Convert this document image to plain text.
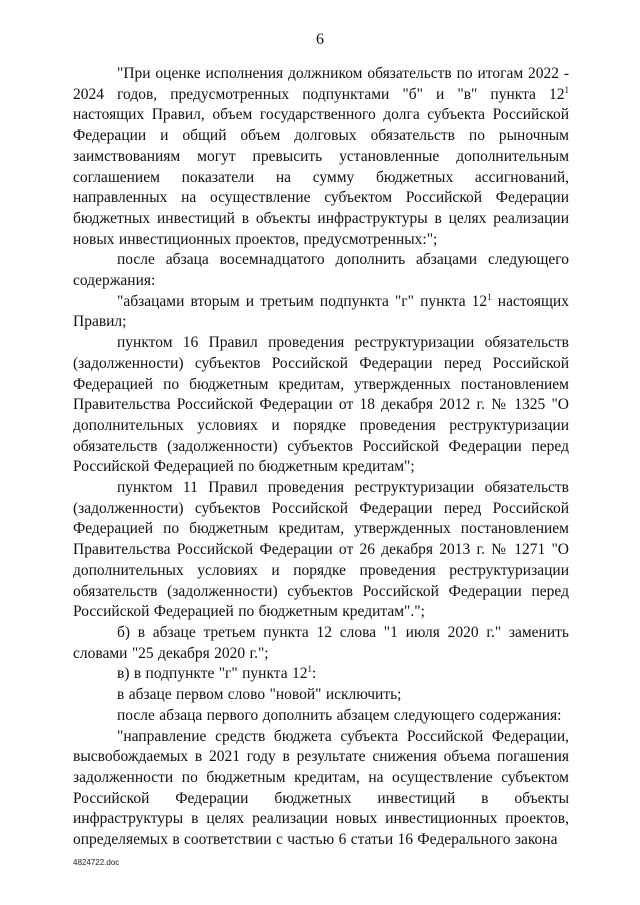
6

"При оценке исполнения должником обязательств по итогам 2022 - 2024 годов, предусмотренных подпунктами "б" и "в" пункта $12^1$ настоящих Правил, объем государственного долга субъекта Российской Федерации и общий объем долговых обязательств по рыночным заимствованиям могут превысить установленные дополнительным соглашением показатели на сумму бюджетных ассигнований, направленных на осуществление субъектом Российской Федерации бюджетных инвестиций в объекты инфраструктуры в целях реализации новых инвестиционных проектов, предусмотренных:";

после абзаца восемнадцатого дополнить абзацами следующего содержания:

"абзацами вторым и третьим подпункта "г" пункта $12^1$ настоящих Правил;

пунктом 16 Правил проведения реструктуризации обязательств (задолженности) субъектов Российской Федерации перед Российской Федерацией по бюджетным кредитам, утвержденных постановлением Правительства Российской Федерации от 18 декабря 2012 г. № 1325 "О дополнительных условиях и порядке проведения реструктуризации обязательств (задолженности) субъектов Российской Федерации перед Российской Федерацией по бюджетным кредитам";

пунктом 11 Правил проведения реструктуризации обязательств (задолженности) субъектов Российской Федерации перед Российской Федерацией по бюджетным кредитам, утвержденных постановлением Правительства Российской Федерации от 26 декабря 2013 г. № 1271 "О дополнительных условиях и порядке проведения реструктуризации обязательств (задолженности) субъектов Российской Федерации перед Российской Федерацией по бюджетным кредитам".";

б) в абзаце третьем пункта 12 слова "1 июля 2020 г." заменить словами "25 декабря 2020 г.";

в) в подпункте "г" пункта $12^1$:

в абзаце первом слово "новой" исключить;

после абзаца первого дополнить абзацем следующего содержания:

"направление средств бюджета субъекта Российской Федерации, высвобождаемых в 2021 году в результате снижения объема погашения задолженности по бюджетным кредитам, на осуществление субъектом Российской Федерации бюджетных инвестиций в объекты инфраструктуры в целях реализации новых инвестиционных проектов, определяемых в соответствии с частью 6 статьи 16 Федерального закона

4824722.doc
